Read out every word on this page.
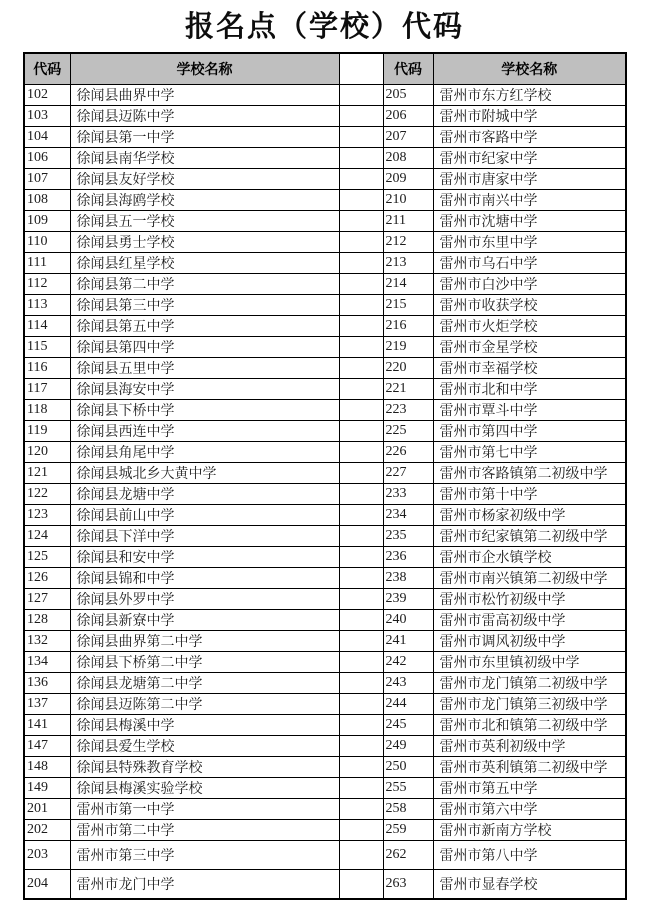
报名点（学校）代码
代码	学校名称		代码	学校名称
102	徐闻县曲界中学		205	雷州市东方红学校
103	徐闻县迈陈中学		206	雷州市附城中学
104	徐闻县第一中学		207	雷州市客路中学
106	徐闻县南华学校		208	雷州市纪家中学
107	徐闻县友好学校		209	雷州市唐家中学
108	徐闻县海鸥学校		210	雷州市南兴中学
109	徐闻县五一学校		211	雷州市沈塘中学
110	徐闻县勇士学校		212	雷州市东里中学
111	徐闻县红星学校		213	雷州市乌石中学
112	徐闻县第二中学		214	雷州市白沙中学
113	徐闻县第三中学		215	雷州市收获学校
114	徐闻县第五中学		216	雷州市火炬学校
115	徐闻县第四中学		219	雷州市金星学校
116	徐闻县五里中学		220	雷州市幸福学校
117	徐闻县海安中学		221	雷州市北和中学
118	徐闻县下桥中学		223	雷州市覃斗中学
119	徐闻县西连中学		225	雷州市第四中学
120	徐闻县角尾中学		226	雷州市第七中学
121	徐闻县城北乡大黄中学		227	雷州市客路镇第二初级中学
122	徐闻县龙塘中学		233	雷州市第十中学
123	徐闻县前山中学		234	雷州市杨家初级中学
124	徐闻县下洋中学		235	雷州市纪家镇第二初级中学
125	徐闻县和安中学		236	雷州市企水镇学校
126	徐闻县锦和中学		238	雷州市南兴镇第二初级中学
127	徐闻县外罗中学		239	雷州市松竹初级中学
128	徐闻县新寮中学		240	雷州市雷高初级中学
132	徐闻县曲界第二中学		241	雷州市调风初级中学
134	徐闻县下桥第二中学		242	雷州市东里镇初级中学
136	徐闻县龙塘第二中学		243	雷州市龙门镇第二初级中学
137	徐闻县迈陈第二中学		244	雷州市龙门镇第三初级中学
141	徐闻县梅溪中学		245	雷州市北和镇第二初级中学
147	徐闻县爱生学校		249	雷州市英利初级中学
148	徐闻县特殊教育学校		250	雷州市英利镇第二初级中学
149	徐闻县梅溪实验学校		255	雷州市第五中学
201	雷州市第一中学		258	雷州市第六中学
202	雷州市第二中学		259	雷州市新南方学校
203	雷州市第三中学		262	雷州市第八中学
204	雷州市龙门中学		263	雷州市显春学校
